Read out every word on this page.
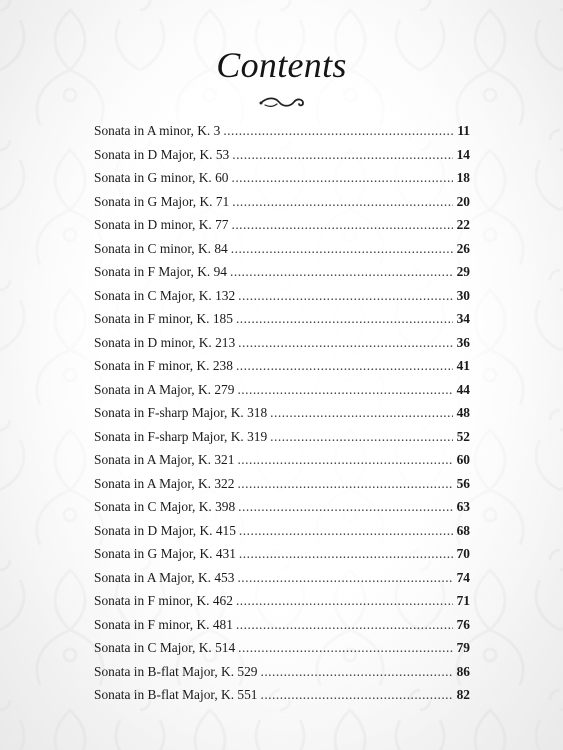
Contents
Sonata in A minor, K. 3 .....	11
Sonata in D Major, K. 53 .....	14
Sonata in G minor, K. 60 .....	18
Sonata in G Major, K. 71 .....	20
Sonata in D minor, K. 77 .....	22
Sonata in C minor, K. 84 .....	26
Sonata in F Major, K. 94 .....	29
Sonata in C Major, K. 132 .....	30
Sonata in F minor, K. 185 .....	34
Sonata in D minor, K. 213 .....	36
Sonata in F minor, K. 238 .....	41
Sonata in A Major, K. 279 .....	44
Sonata in F-sharp Major, K. 318 .....	48
Sonata in F-sharp Major, K. 319 .....	52
Sonata in A Major, K. 321 .....	60
Sonata in A Major, K. 322 .....	56
Sonata in C Major, K. 398 .....	63
Sonata in D Major, K. 415 .....	68
Sonata in G Major, K. 431 .....	70
Sonata in A Major, K. 453 .....	74
Sonata in F minor, K. 462 .....	71
Sonata in F minor, K. 481 .....	76
Sonata in C Major, K. 514 .....	79
Sonata in B-flat Major, K. 529 .....	86
Sonata in B-flat Major, K. 551 .....	82
